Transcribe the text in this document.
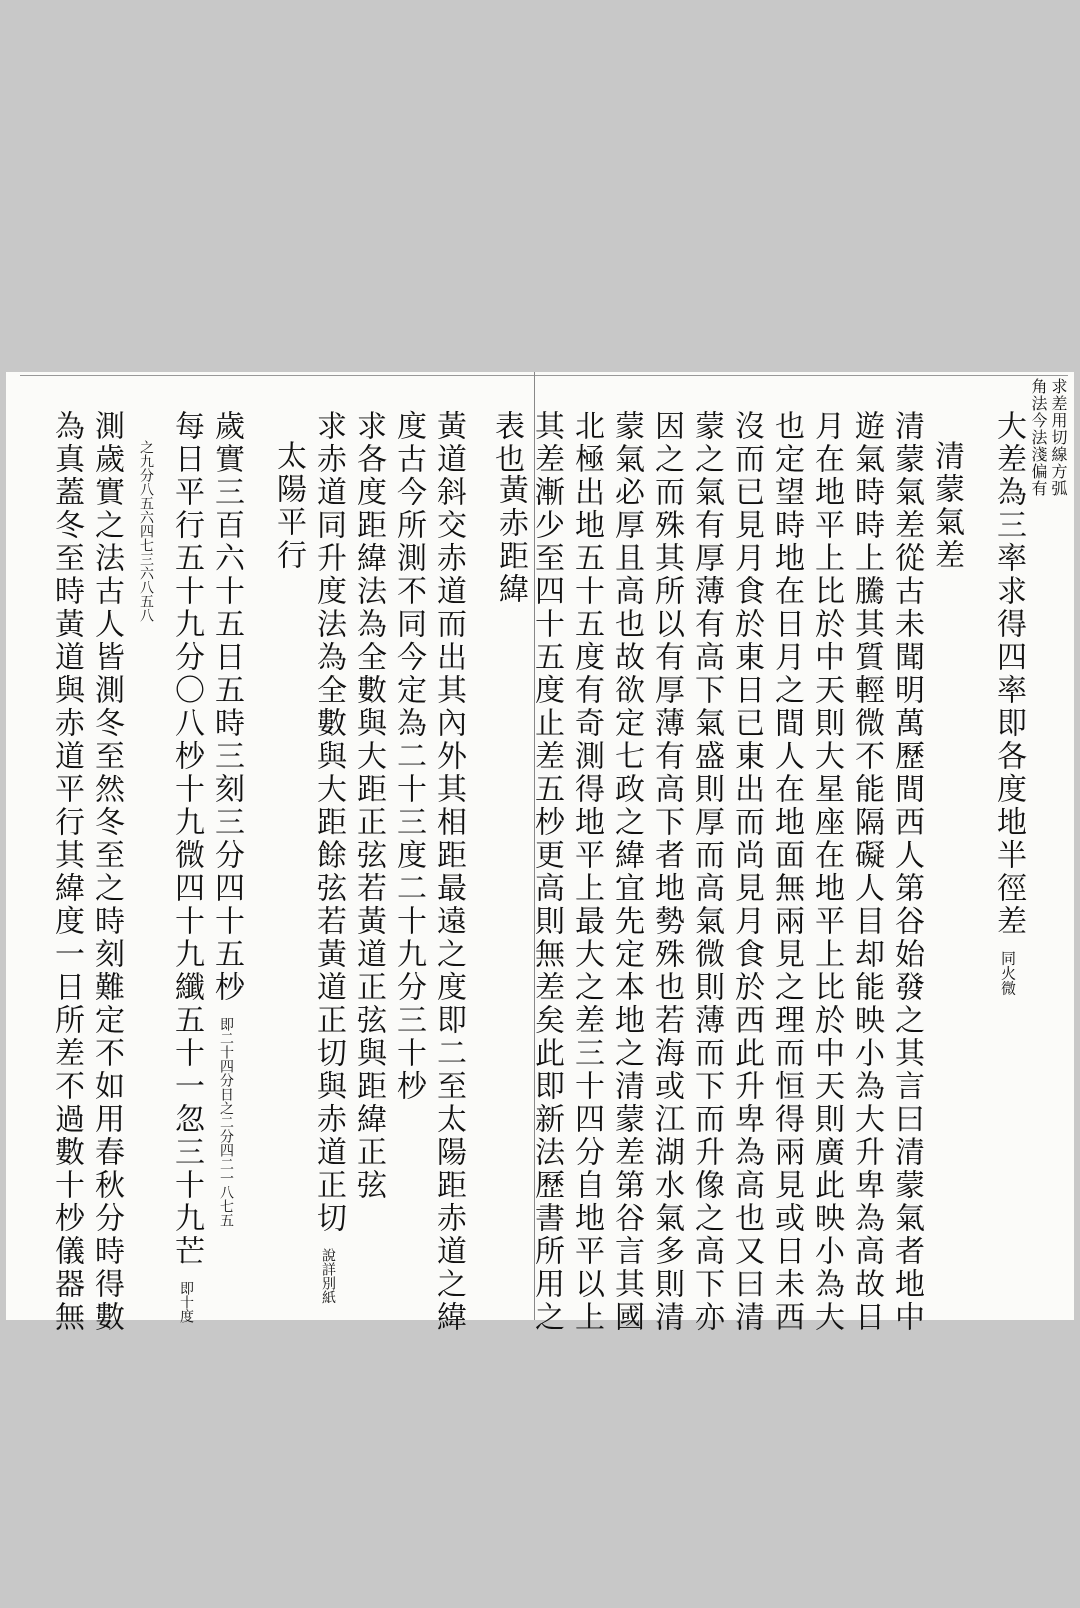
求差用切線方弧
角法今法淺偏有
大差為三率求得四率即各度地半徑差 同火微
清蒙氣差
清蒙氣差從古未聞明萬歷間西人第谷始發之其言曰清蒙氣者地中
遊氣時時上騰其質輕微不能隔礙人目却能映小為大升卑為高故日
月在地平上比於中天則大星座在地平上比於中天則廣此映小為大
也定望時地在日月之間人在地面無兩見之理而恒得兩見或日未西
沒而已見月食於東日已東出而尚見月食於西此升卑為高也又曰清
蒙之氣有厚薄有高下氣盛則厚而高氣微則薄而下而升像之高下亦
因之而殊其所以有厚薄有高下者地勢殊也若海或江湖水氣多則清
蒙氣必厚且高也故欲定七政之緯宜先定本地之清蒙差第谷言其國
北極出地五十五度有奇測得地平上最大之差三十四分自地平以上
其差漸少至四十五度止差五杪更高則無差矣此即新法歷書所用之
表也
黃赤距緯
黃道斜交赤道而出其內外其相距最遠之度即二至太陽距赤道之緯
度古今所測不同今定為二十三度二十九分三十杪
求各度距緯法為全數與大距正弦若黃道正弦與距緯正弦
求赤道同升度法為全數與大距餘弦若黃道正切與赤道正切 說詳別紙
太陽平行
歲實三百六十五日五時三刻三分四十五杪 即二十四分日之二分四二一八七五
每日平行五十九分〇八杪十九微四十九纖五十一忽三十九芒 即十度
之九分八五六四七三六八五八
測歲實之法古人皆測冬至然冬至之時刻難定不如用春秋分時得數
為真蓋冬至時黃道與赤道平行其緯度一日所差不過數十杪儀器無
